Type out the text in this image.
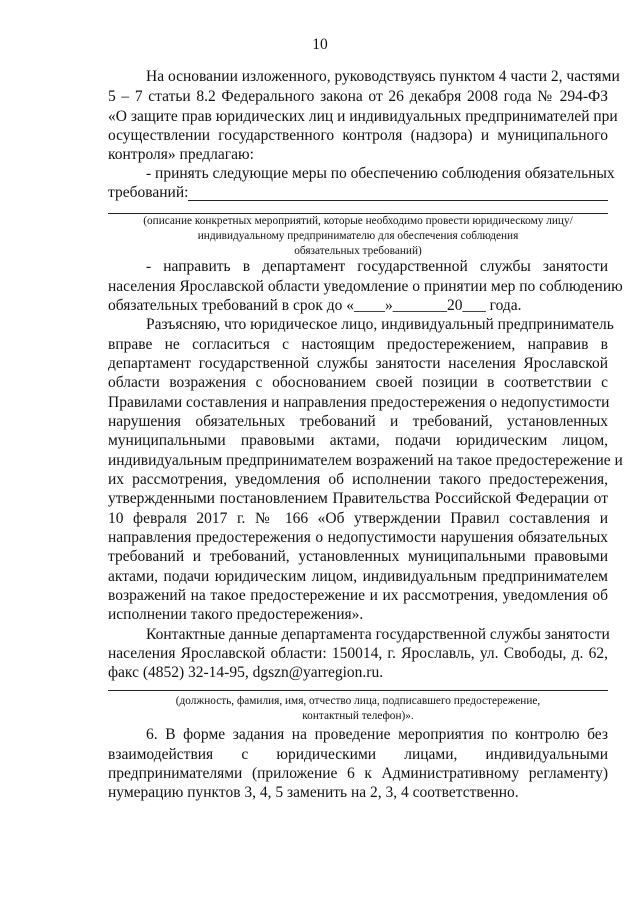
10
На основании изложенного, руководствуясь пунктом 4 части 2, частями
5 – 7 статьи 8.2 Федерального закона от 26 декабря 2008 года № 294-ФЗ
«О защите прав юридических лиц и индивидуальных предпринимателей при
осуществлении государственного контроля (надзора) и муниципального
контроля» предлагаю:
- принять следующие меры по обеспечению соблюдения обязательных
требований:
(описание конкретных мероприятий, которые необходимо провести юридическому лицу/
индивидуальному предпринимателю для обеспечения соблюдения
обязательных требований)
- направить в департамент государственной службы занятости
населения Ярославской области уведомление о принятии мер по соблюдению
обязательных требований в срок до «____»_______20___ года.
Разъясняю, что юридическое лицо, индивидуальный предприниматель
вправе не согласиться с настоящим предостережением, направив в
департамент государственной службы занятости населения Ярославской
области возражения с обоснованием своей позиции в соответствии с
Правилами составления и направления предостережения о недопустимости
нарушения обязательных требований и требований, установленных
муниципальными правовыми актами, подачи юридическим лицом,
индивидуальным предпринимателем возражений на такое предостережение и
их рассмотрения, уведомления об исполнении такого предостережения,
утвержденными постановлением Правительства Российской Федерации от
10 февраля 2017 г. № 166 «Об утверждении Правил составления и
направления предостережения о недопустимости нарушения обязательных
требований и требований, установленных муниципальными правовыми
актами, подачи юридическим лицом, индивидуальным предпринимателем
возражений на такое предостережение и их рассмотрения, уведомления об
исполнении такого предостережения».
Контактные данные департамента государственной службы занятости
населения Ярославской области: 150014, г. Ярославль, ул. Свободы, д. 62,
факс (4852) 32-14-95, dgszn@yarregion.ru.
(должность, фамилия, имя, отчество лица, подписавшего предостережение,
контактный телефон)».
6. В форме задания на проведение мероприятия по контролю без
взаимодействия с юридическими лицами, индивидуальными
предпринимателями (приложение 6 к Административному регламенту)
нумерацию пунктов 3, 4, 5 заменить на 2, 3, 4 соответственно.
